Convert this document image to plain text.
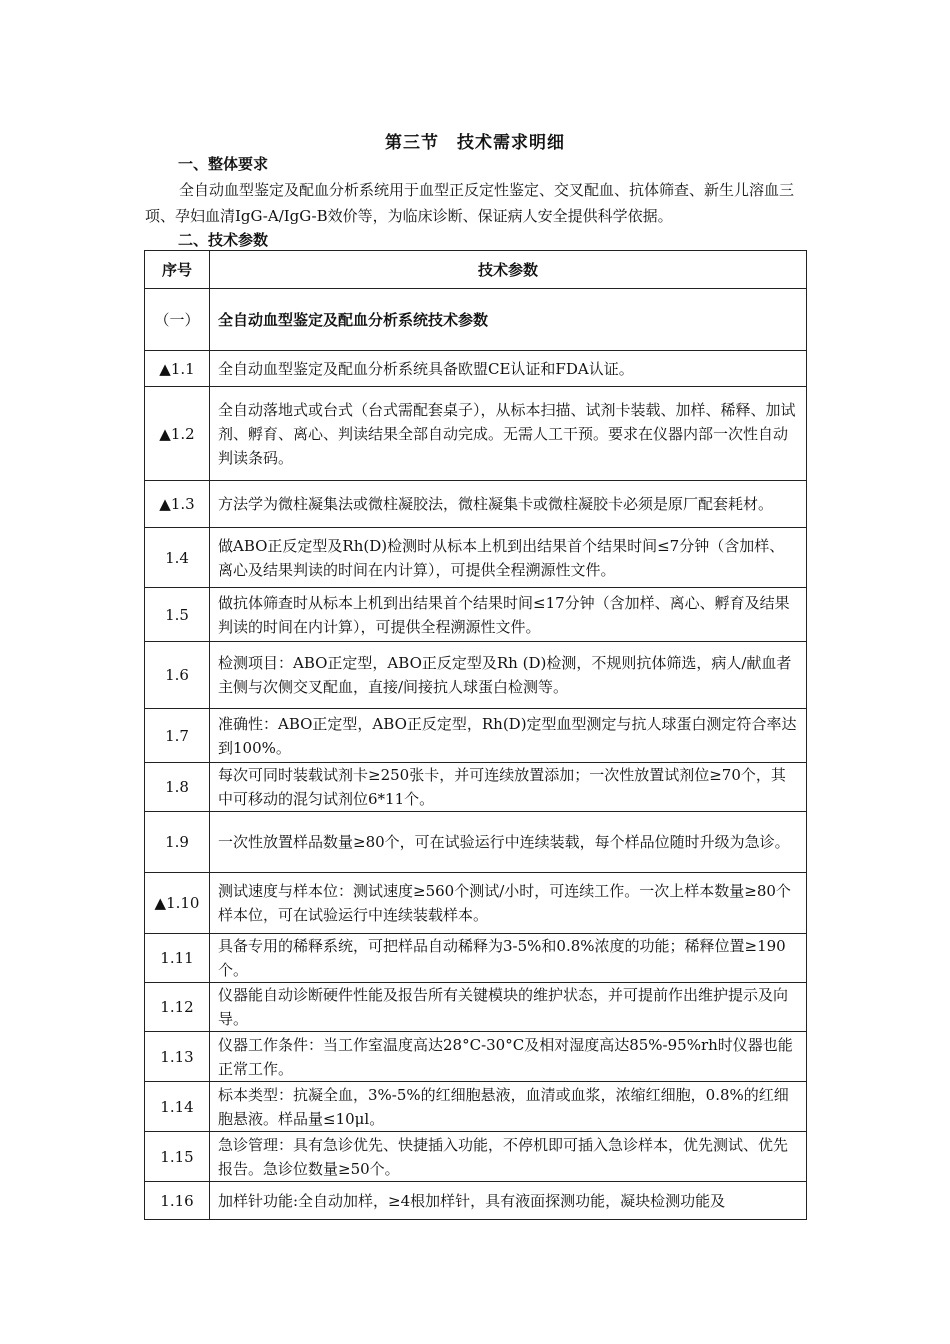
第三节　技术需求明细
一、整体要求

全自动血型鉴定及配血分析系统用于血型正反定性鉴定、交叉配血、抗体筛查、新生儿溶血三项、孕妇血清IgG-A/IgG-B效价等，为临床诊断、保证病人安全提供科学依据。

二、技术参数
序号	技术参数
（一）	全自动血型鉴定及配血分析系统技术参数
▲1.1	全自动血型鉴定及配血分析系统具备欧盟CE认证和FDA认证。
▲1.2	全自动落地式或台式（台式需配套桌子），从标本扫描、试剂卡装载、加样、稀释、加试剂、孵育、离心、判读结果全部自动完成。无需人工干预。要求在仪器内部一次性自动判读条码。
▲1.3	方法学为微柱凝集法或微柱凝胶法，微柱凝集卡或微柱凝胶卡必须是原厂配套耗材。
1.4	做ABO正反定型及Rh(D)检测时从标本上机到出结果首个结果时间≤7分钟（含加样、离心及结果判读的时间在内计算），可提供全程溯源性文件。
1.5	做抗体筛查时从标本上机到出结果首个结果时间≤17分钟（含加样、离心、孵育及结果判读的时间在内计算），可提供全程溯源性文件。
1.6	检测项目：ABO正定型，ABO正反定型及Rh (D)检测，不规则抗体筛选，病人/献血者主侧与次侧交叉配血，直接/间接抗人球蛋白检测等。
1.7	准确性：ABO正定型，ABO正反定型，Rh(D)定型血型测定与抗人球蛋白测定符合率达到100%。
1.8	每次可同时装载试剂卡≥250张卡，并可连续放置添加；一次性放置试剂位≥70个，其中可移动的混匀试剂位6*11个。
1.9	一次性放置样品数量≥80个，可在试验运行中连续装载，每个样品位随时升级为急诊。
▲1.10	测试速度与样本位：测试速度≥560个测试/小时，可连续工作。一次上样本数量≥80个样本位，可在试验运行中连续装载样本。
1.11	具备专用的稀释系统，可把样品自动稀释为3-5%和0.8%浓度的功能；稀释位置≥190个。
1.12	仪器能自动诊断硬件性能及报告所有关键模块的维护状态，并可提前作出维护提示及向导。
1.13	仪器工作条件：当工作室温度高达28°C-30°C及相对湿度高达85%-95%rh时仪器也能正常工作。
1.14	标本类型：抗凝全血，3%-5%的红细胞悬液，血清或血浆，浓缩红细胞，0.8%的红细胞悬液。样品量≤10μl。
1.15	急诊管理：具有急诊优先、快捷插入功能，不停机即可插入急诊样本，优先测试、优先报告。急诊位数量≥50个。
1.16	加样针功能:全自动加样，≥4根加样针，具有液面探测功能，凝块检测功能及
